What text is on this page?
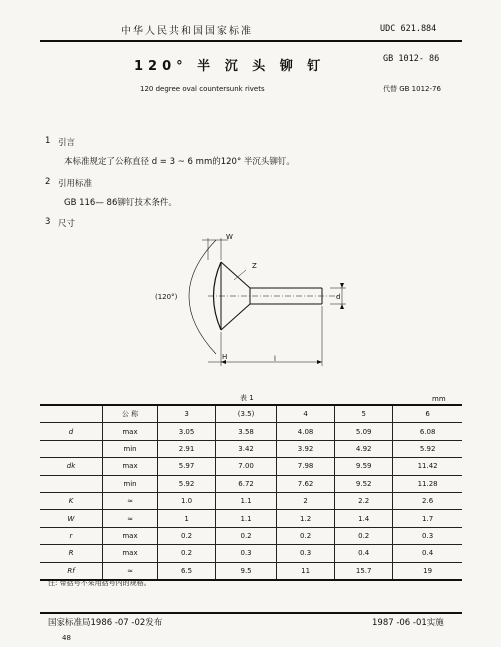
中华人民共和国国家标准	UDC 621.884
120° 半 沉 头 铆 钉	GB 1012- 86
120 degree oval countersunk rivets	代替 GB 1012-76
1 引言
本标准规定了公称直径 d = 3 ~ 6 mm的120° 半沉头铆钉。
2 引用标准
GB 116— 86铆钉技术条件。
3 尺寸
W
Z
(120°)	d
H	l
表 1	mm
	公 称	3	(3.5)	4	5	6
d	max	3.05	3.58	4.08	5.09	6.08
	min	2.91	3.42	3.92	4.92	5.92
dk	max	5.97	7.00	7.98	9.59	11.42
	min	5.92	6.72	7.62	9.52	11.28
K	≈	1.0	1.1	2	2.2	2.6
W	≈	1	1.1	1.2	1.4	1.7
r	max	0.2	0.2	0.2	0.2	0.3
R	max	0.2	0.3	0.3	0.4	0.4
Rf	≈	6.5	9.5	11	15.7	19
注: 带括号不采用括号内的规格。
国家标准局1986 -07 -02发布	1987 -06 -01实施
48
